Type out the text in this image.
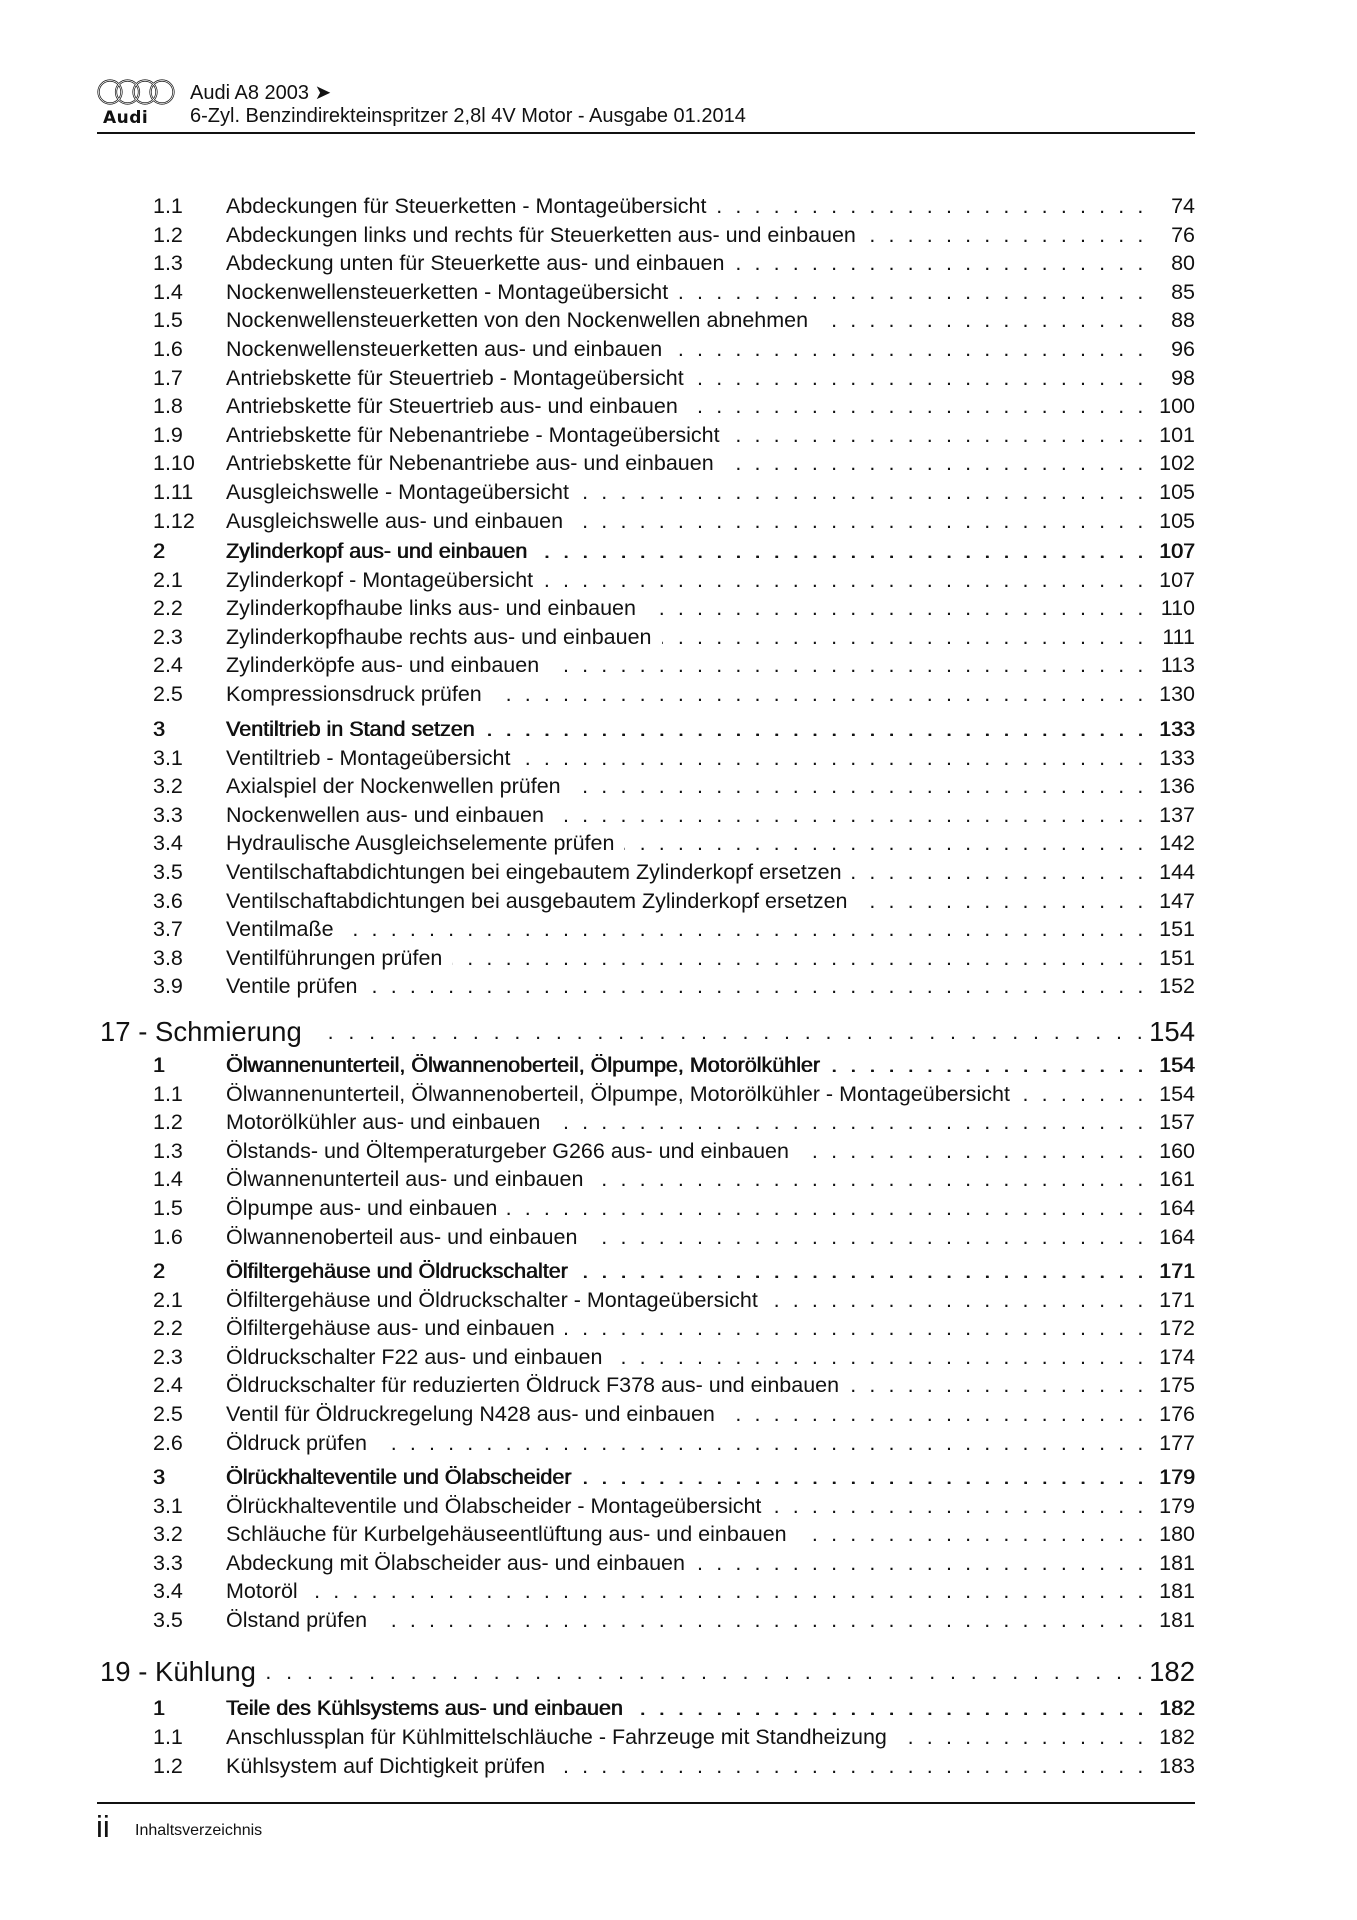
Audi
Audi A8 2003 ➤
6-Zyl. Benzindirekteinspritzer 2,8l 4V Motor - Ausgabe 01.2014
1.1	Abdeckungen für Steuerketten - Montageübersicht . . .	74
1.2	Abdeckungen links und rechts für Steuerketten aus- und einbauen . . .	76
1.3	Abdeckung unten für Steuerkette aus- und einbauen . . .	80
1.4	Nockenwellensteuerketten - Montageübersicht . . .	85
1.5	Nockenwellensteuerketten von den Nockenwellen abnehmen . . .	88
1.6	Nockenwellensteuerketten aus- und einbauen . . .	96
1.7	Antriebskette für Steuertrieb - Montageübersicht . . .	98
1.8	Antriebskette für Steuertrieb aus- und einbauen . . .	100
1.9	Antriebskette für Nebenantriebe - Montageübersicht . . .	101
1.10	Antriebskette für Nebenantriebe aus- und einbauen . . .	102
1.11	Ausgleichswelle - Montageübersicht . . .	105
1.12	Ausgleichswelle aus- und einbauen . . .	105
2	Zylinderkopf aus- und einbauen . . .	107
2.1	Zylinderkopf - Montageübersicht . . .	107
2.2	Zylinderkopfhaube links aus- und einbauen . . .	110
2.3	Zylinderkopfhaube rechts aus- und einbauen . . .	111
2.4	Zylinderköpfe aus- und einbauen . . .	113
2.5	Kompressionsdruck prüfen . . .	130
3	Ventiltrieb in Stand setzen . . .	133
3.1	Ventiltrieb - Montageübersicht . . .	133
3.2	Axialspiel der Nockenwellen prüfen . . .	136
3.3	Nockenwellen aus- und einbauen . . .	137
3.4	Hydraulische Ausgleichselemente prüfen . . .	142
3.5	Ventilschaftabdichtungen bei eingebautem Zylinderkopf ersetzen . . .	144
3.6	Ventilschaftabdichtungen bei ausgebautem Zylinderkopf ersetzen . . .	147
3.7	Ventilmaße . . .	151
3.8	Ventilführungen prüfen . . .	151
3.9	Ventile prüfen . . .	152
17 - Schmierung . . .	154
1	Ölwannenunterteil, Ölwannenoberteil, Ölpumpe, Motorölkühler . . .	154
1.1	Ölwannenunterteil, Ölwannenoberteil, Ölpumpe, Motorölkühler - Montageübersicht . . .	154
1.2	Motorölkühler aus- und einbauen . . .	157
1.3	Ölstands- und Öltemperaturgeber G266 aus- und einbauen . . .	160
1.4	Ölwannenunterteil aus- und einbauen . . .	161
1.5	Ölpumpe aus- und einbauen . . .	164
1.6	Ölwannenoberteil aus- und einbauen . . .	164
2	Ölfiltergehäuse und Öldruckschalter . . .	171
2.1	Ölfiltergehäuse und Öldruckschalter - Montageübersicht . . .	171
2.2	Ölfiltergehäuse aus- und einbauen . . .	172
2.3	Öldruckschalter F22 aus- und einbauen . . .	174
2.4	Öldruckschalter für reduzierten Öldruck F378 aus- und einbauen . . .	175
2.5	Ventil für Öldruckregelung N428 aus- und einbauen . . .	176
2.6	Öldruck prüfen . . .	177
3	Ölrückhalteventile und Ölabscheider . . .	179
3.1	Ölrückhalteventile und Ölabscheider - Montageübersicht . . .	179
3.2	Schläuche für Kurbelgehäuseentlüftung aus- und einbauen . . .	180
3.3	Abdeckung mit Ölabscheider aus- und einbauen . . .	181
3.4	Motoröl . . .	181
3.5	Ölstand prüfen . . .	181
19 - Kühlung . . .	182
1	Teile des Kühlsystems aus- und einbauen . . .	182
1.1	Anschlussplan für Kühlmittelschläuche - Fahrzeuge mit Standheizung . . .	182
1.2	Kühlsystem auf Dichtigkeit prüfen . . .	183
ii Inhaltsverzeichnis
